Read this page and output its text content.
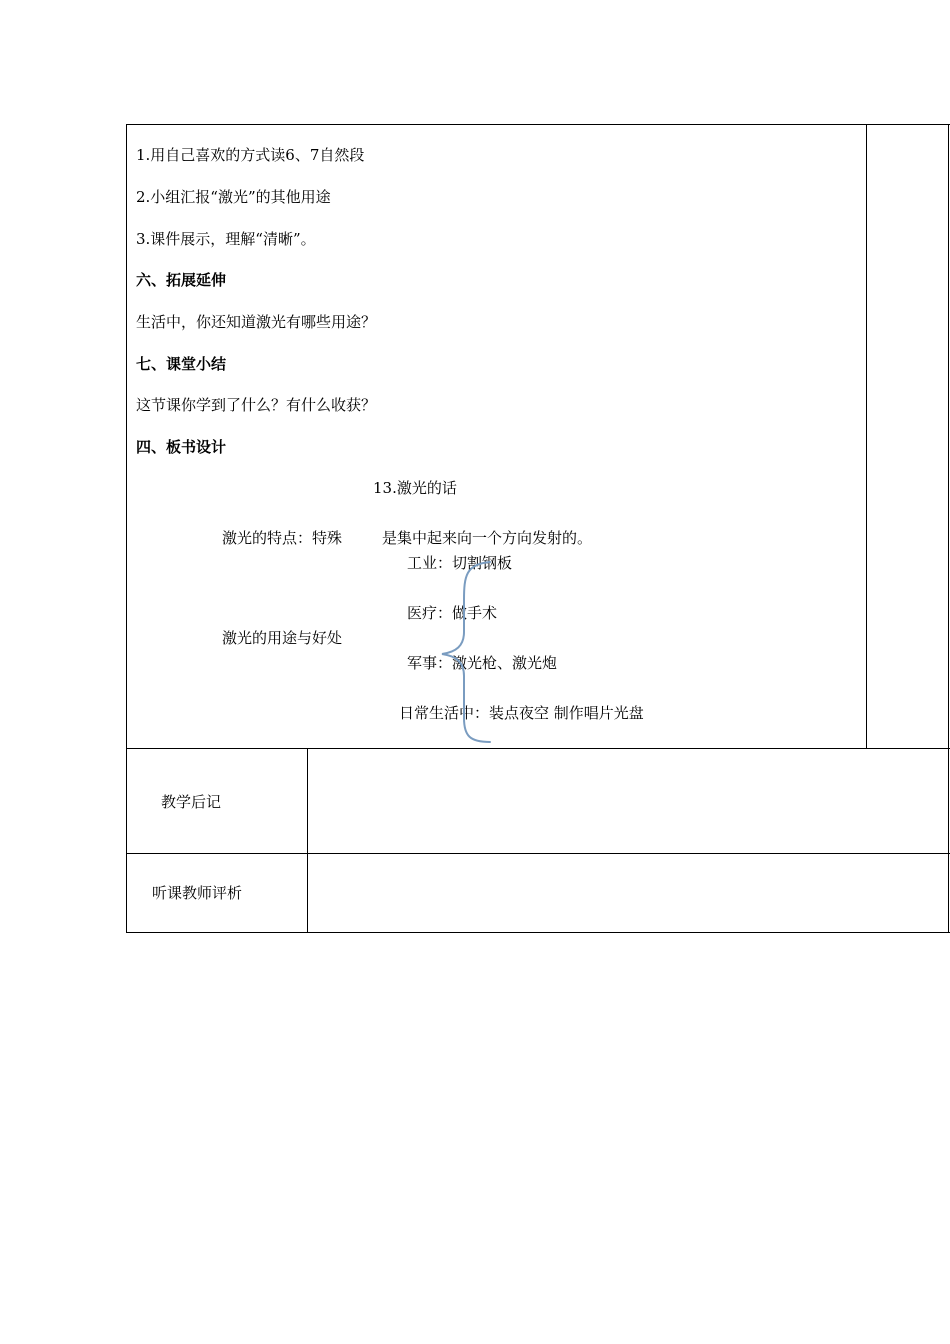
1.用自己喜欢的方式读6、7自然段
2.小组汇报“激光”的其他用途
3.课件展示，理解“清晰”。
六、拓展延伸
生活中，你还知道激光有哪些用途？
七、课堂小结
这节课你学到了什么？有什么收获？
四、板书设计
13.激光的话
激光的特点：特殊	是集中起来向一个方向发射的。
激光的用途与好处
工业：切割钢板
医疗：做手术
军事：激光枪、激光炮
日常生活中：装点夜空 制作唱片光盘
教学后记
听课教师评析
